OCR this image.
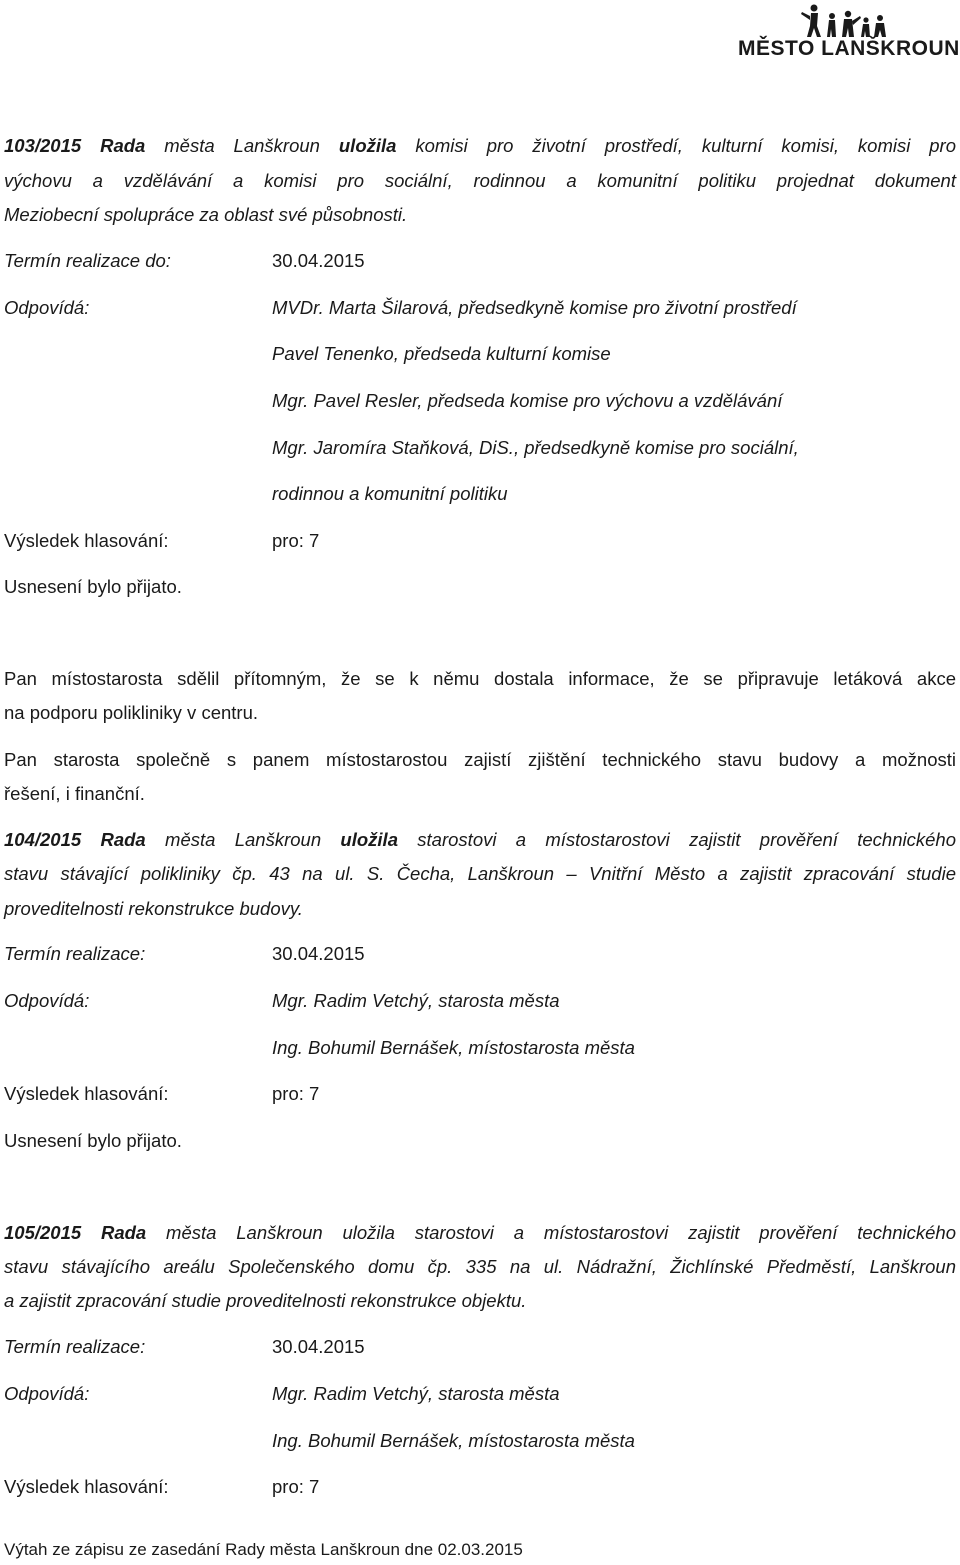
MĚSTO LANŠKROUN
103/2015 Rada města Lanškroun uložila komisi pro životní prostředí, kulturní komisi, komisi pro
výchovu a vzdělávání a komisi pro sociální, rodinnou a komunitní politiku projednat dokument
Meziobecní spolupráce za oblast své působnosti.
Termín realizace do:	30.04.2015
Odpovídá:	MVDr. Marta Šilarová, předsedkyně komise pro životní prostředí
Pavel Tenenko, předseda kulturní komise
Mgr. Pavel Resler, předseda komise pro výchovu a vzdělávání
Mgr. Jaromíra Staňková, DiS., předsedkyně komise pro sociální,
rodinnou a komunitní politiku
Výsledek hlasování:	pro: 7
Usnesení bylo přijato.
Pan místostarosta sdělil přítomným, že se k němu dostala informace, že se připravuje letáková akce
na podporu polikliniky v centru.
Pan starosta společně s panem místostarostou zajistí zjištění technického stavu budovy a možnosti
řešení, i finanční.
104/2015 Rada města Lanškroun uložila starostovi a místostarostovi zajistit prověření technického
stavu stávající polikliniky čp. 43 na ul. S. Čecha, Lanškroun – Vnitřní Město a zajistit zpracování studie
proveditelnosti rekonstrukce budovy.
Termín realizace:	30.04.2015
Odpovídá:	Mgr. Radim Vetchý, starosta města
Ing. Bohumil Bernášek, místostarosta města
Výsledek hlasování:	pro: 7
Usnesení bylo přijato.
105/2015 Rada města Lanškroun uložila starostovi a místostarostovi zajistit prověření technického
stavu stávajícího areálu Společenského domu čp. 335 na ul. Nádražní, Žichlínské Předměstí, Lanškroun
a zajistit zpracování studie proveditelnosti rekonstrukce objektu.
Termín realizace:	30.04.2015
Odpovídá:	Mgr. Radim Vetchý, starosta města
Ing. Bohumil Bernášek, místostarosta města
Výsledek hlasování:	pro: 7
Výtah ze zápisu ze zasedání Rady města Lanškroun dne 02.03.2015
